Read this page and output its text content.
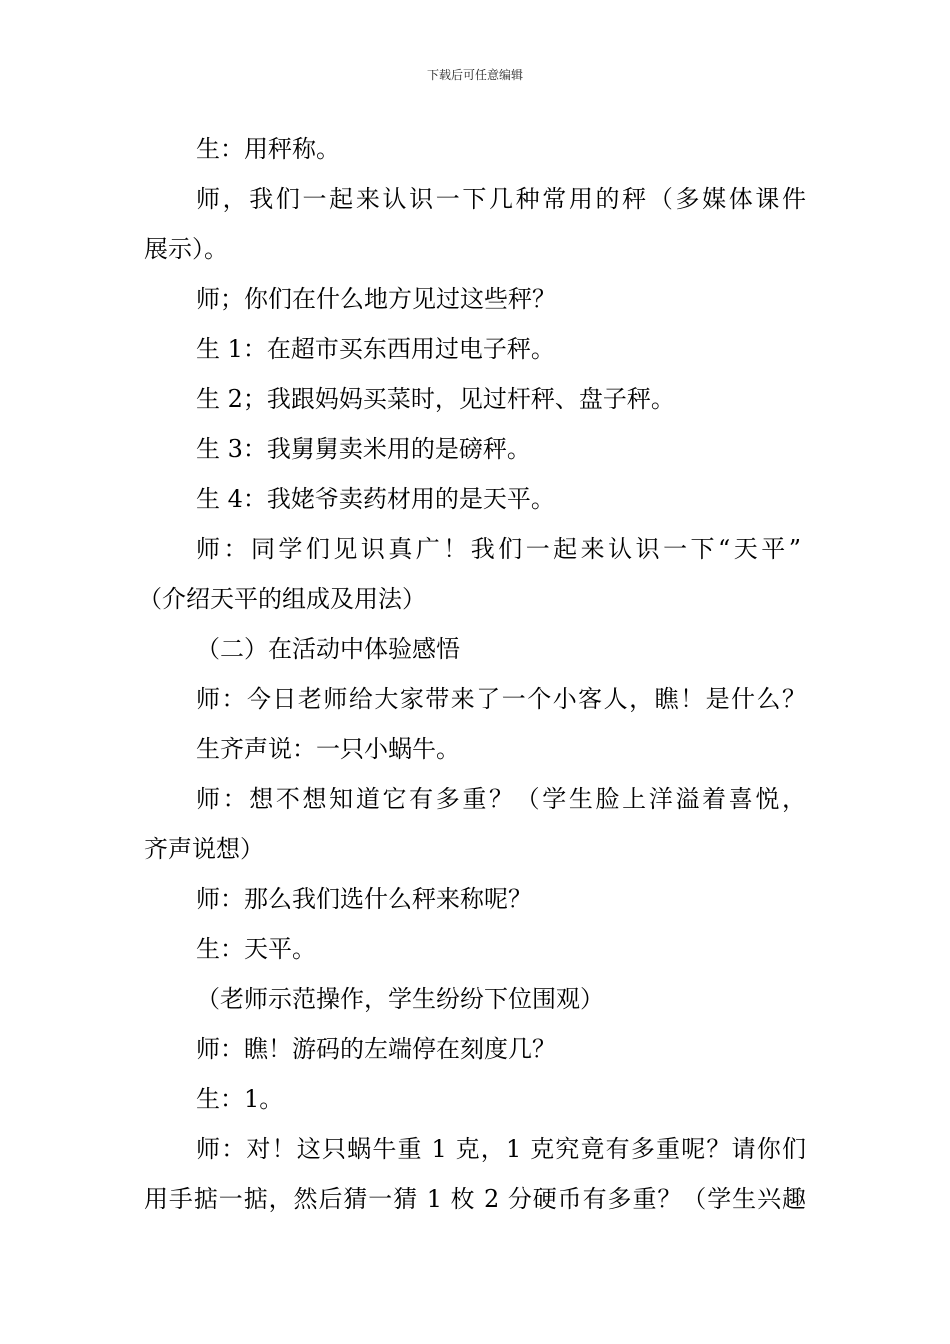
下载后可任意编辑
生：用秤称。
师，我们一起来认识一下几种常用的秤（多媒体课件
展示）。
师；你们在什么地方见过这些秤？
生 1：在超市买东西用过电子秤。
生 2；我跟妈妈买菜时，见过杆秤、盘子秤。
生 3：我舅舅卖米用的是磅秤。
生 4：我姥爷卖药材用的是天平。
师：同学们见识真广！我们一起来认识一下“天平”
（介绍天平的组成及用法）
（二）在活动中体验感悟
师：今日老师给大家带来了一个小客人，瞧！是什么？
生齐声说：一只小蜗牛。
师：想不想知道它有多重？（学生脸上洋溢着喜悦，
齐声说想）
师：那么我们选什么秤来称呢？
生：天平。
（老师示范操作，学生纷纷下位围观）
师：瞧！游码的左端停在刻度几？
生：1。
师：对！这只蜗牛重 1 克，1 克究竟有多重呢？请你们
用手掂一掂，然后猜一猜 1 枚 2 分硬币有多重？（学生兴趣
